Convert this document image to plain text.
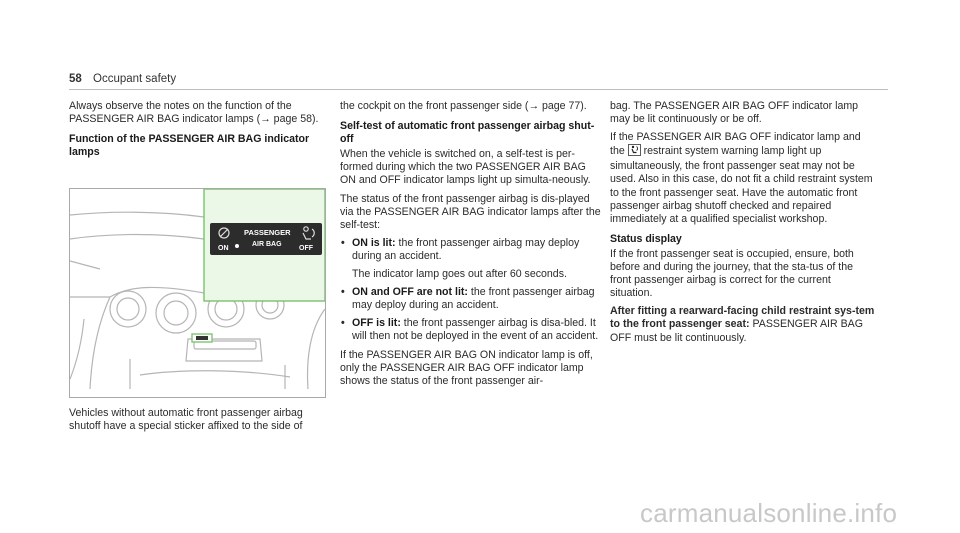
58 Occupant safety

Always observe the notes on the function of the PASSENGER AIR BAG indicator lamps (→ page 58).

Function of the PASSENGER AIR BAG indicator lamps
ON
PASSENGER
AIR BAG
OFF

Vehicles without automatic front passenger airbag shutoff have a special sticker affixed to the side of

the cockpit on the front passenger side (→ page 77).

Self-test of automatic front passenger airbag shut-off

When the vehicle is switched on, a self-test is per-formed during which the two PASSENGER AIR BAG ON and OFF indicator lamps light up simulta-neously.

The status of the front passenger airbag is dis-played via the PASSENGER AIR BAG indicator lamps after the self-test:

• ON is lit: the front passenger airbag may deploy during an accident.
The indicator lamp goes out after 60 seconds.
• ON and OFF are not lit: the front passenger airbag may deploy during an accident.
• OFF is lit: the front passenger airbag is disa-bled. It will then not be deployed in the event of an accident.

If the PASSENGER AIR BAG ON indicator lamp is off, only the PASSENGER AIR BAG OFF indicator lamp shows the status of the front passenger air-

bag. The PASSENGER AIR BAG OFF indicator lamp may be lit continuously or be off.

If the PASSENGER AIR BAG OFF indicator lamp and the restraint system warning lamp light up simultaneously, the front passenger seat may not be used. Also in this case, do not fit a child restraint system to the front passenger seat. Have the automatic front passenger airbag shutoff checked and repaired immediately at a qualified specialist workshop.

Status display

If the front passenger seat is occupied, ensure, both before and during the journey, that the sta-tus of the front passenger airbag is correct for the current situation.

After fitting a rearward-facing child restraint sys-tem to the front passenger seat: PASSENGER AIR BAG OFF must be lit continuously.

carmanualsonline.info
